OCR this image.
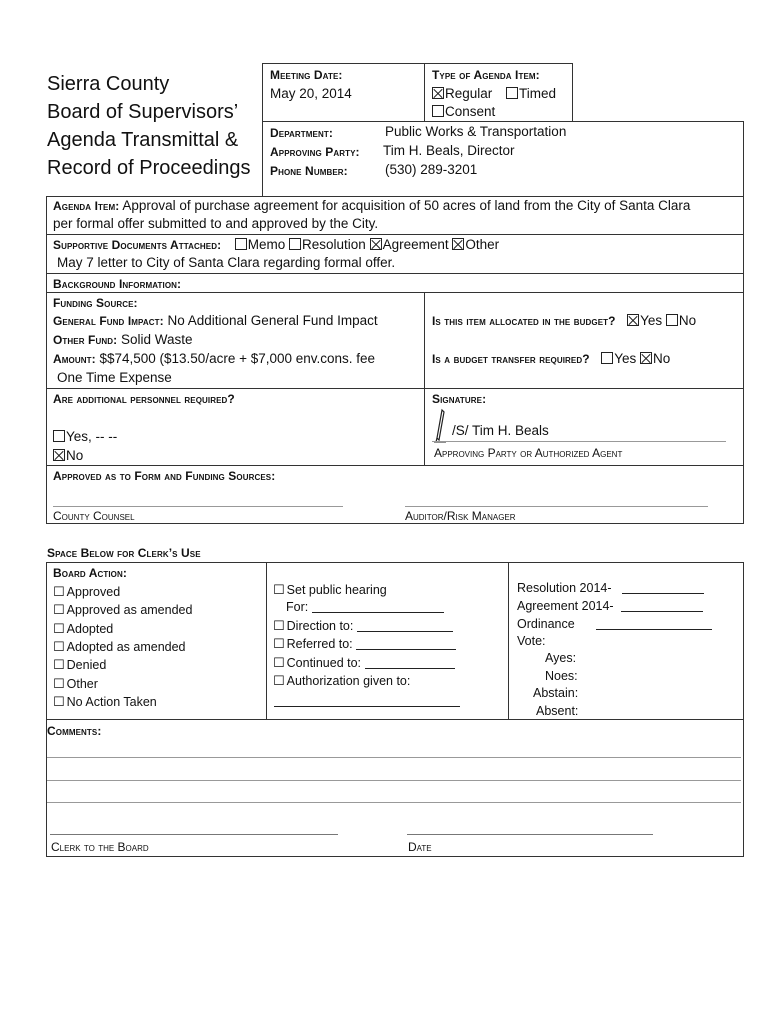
Sierra County
Board of Supervisors’
Agenda Transmittal &
Record of Proceedings
Meeting Date:
May 20, 2014
Type of Agenda Item:
Regular	Timed
Consent
Department:	Public Works & Transportation
Approving Party: Tim H. Beals, Director
Phone Number:	(530) 289-3201
Agenda Item: Approval of purchase agreement for acquisition of 50 acres of land from the City of Santa Clara
per formal offer submitted to and approved by the City.
Supportive Documents Attached: Memo Resolution Agreement Other
May 7 letter to City of Santa Clara regarding formal offer.
Background Information:
Funding Source:
General Fund Impact: No Additional General Fund Impact
Other Fund: Solid Waste
Amount: $$74,500 ($13.50/acre + $7,000 env.cons. fee
One Time Expense
Is this item allocated in the budget? Yes No
Is a budget transfer required? Yes No
Are additional personnel required?
Yes, -- --
No
Signature:
/S/ Tim H. Beals
Approving Party or Authorized Agent
Approved as to Form and Funding Sources:
County Counsel	Auditor/Risk Manager
Space Below for Clerk’s Use
Board Action:
☐ Approved
☐ Approved as amended
☐ Adopted
☐ Adopted as amended
☐ Denied
☐ Other
☐ No Action Taken
☐ Set public hearing
For:
☐ Direction to:
☐ Referred to:
☐ Continued to:
☐ Authorization given to:
Resolution 2014-
Agreement 2014-
Ordinance
Vote:
Ayes:
Noes:
Abstain:
Absent:
Comments:
Clerk to the Board	Date
